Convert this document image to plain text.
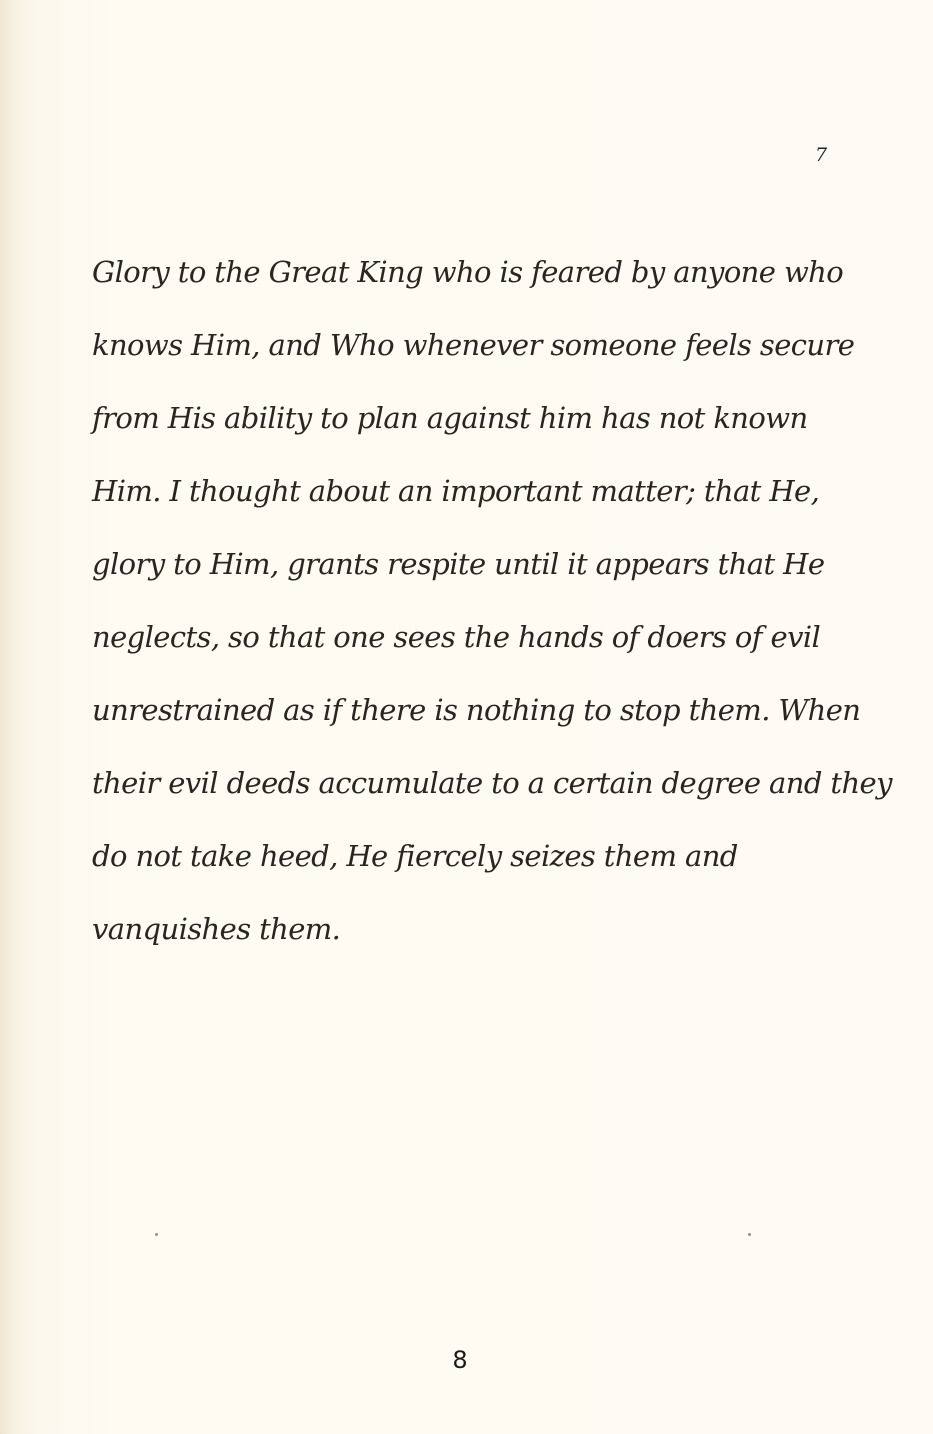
7

Glory to the Great King who is feared by anyone who
knows Him, and Who whenever someone feels secure
from His ability to plan against him has not known
Him. I thought about an important matter; that He,
glory to Him, grants respite until it appears that He
neglects, so that one sees the hands of doers of evil
unrestrained as if there is nothing to stop them. When
their evil deeds accumulate to a certain degree and they
do not take heed, He fiercely seizes them and
vanquishes them.

8
